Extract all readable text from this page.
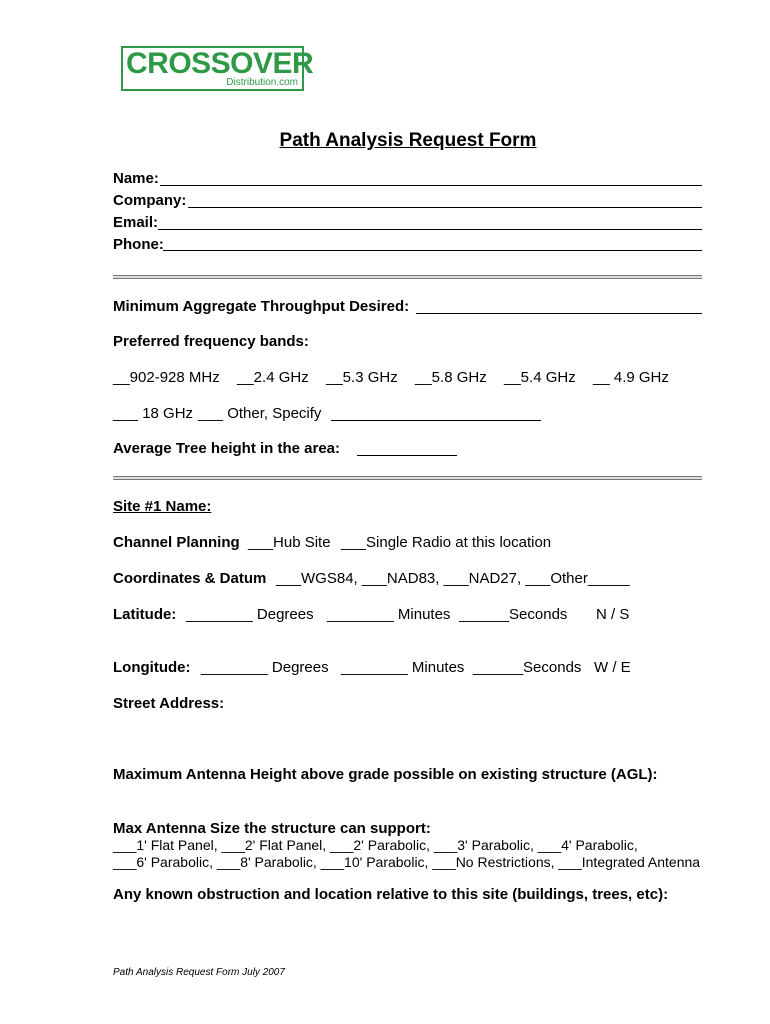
CROSSOVER
Distribution.com
Path Analysis Request Form
Name:
Company:
Email:
Phone:
Minimum Aggregate Throughput Desired:
Preferred frequency bands:
__902-928 MHz __2.4 GHz __5.3 GHz __5.8 GHz __5.4 GHz __ 4.9 GHz
___ 18 GHz ___ Other, Specify
Average Tree height in the area:
Site #1 Name:
Channel Planning ___Hub Site ___Single Radio at this location
Coordinates & Datum ___WGS84, ___NAD83, ___NAD27, ___Other_____
Latitude: ________ Degrees ________ Minutes ______Seconds N / S
Longitude: ________ Degrees ________ Minutes ______Seconds W / E
Street Address:
Maximum Antenna Height above grade possible on existing structure (AGL):
Max Antenna Size the structure can support:
___1' Flat Panel, ___2' Flat Panel, ___2' Parabolic, ___3' Parabolic, ___4' Parabolic,
___6' Parabolic, ___8' Parabolic, ___10' Parabolic, ___No Restrictions, ___Integrated Antenna
Any known obstruction and location relative to this site (buildings, trees, etc):
Path Analysis Request Form July 2007
